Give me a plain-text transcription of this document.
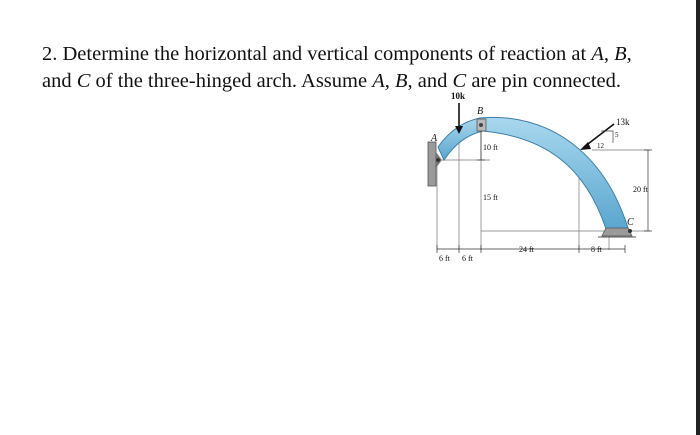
2. Determine the horizontal and vertical components of reaction at A, B,
and C of the three-hinged arch. Assume A, B, and C are pin connected.
10k
13k
12
5
A
B
C
10 ft
15 ft
20 ft
6 ft 6 ft
24 ft	8 ft
